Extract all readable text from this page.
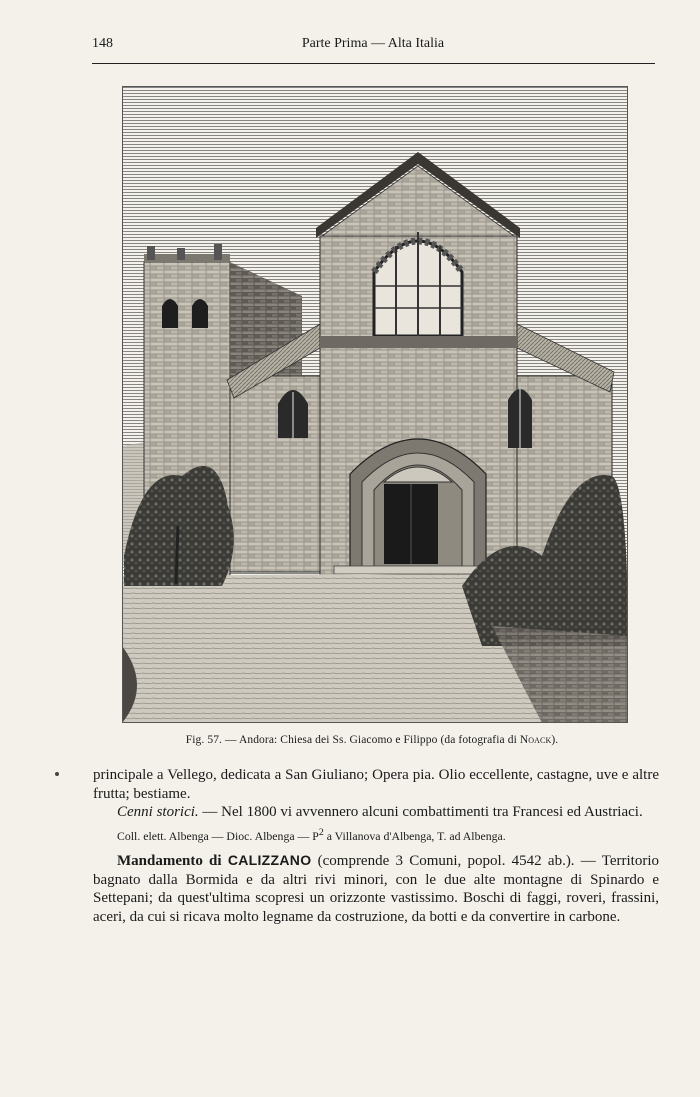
148	Parte Prima — Alta Italia
Fig. 57. — Andora: Chiesa dei Ss. Giacomo e Filippo (da fotografia di Noack).

principale a Vellego, dedicata a San Giuliano; Opera pia. Olio eccellente, castagne, uve e altre frutta; bestiame.

Cenni storici. — Nel 1800 vi avvennero alcuni combattimenti tra Francesi ed Austriaci.

Coll. elett. Albenga — Dioc. Albenga — $P^2$ a Villanova d'Albenga, T. ad Albenga.

Mandamento di CALIZZANO (comprende 3 Comuni, popol. 4542 ab.). — Territorio bagnato dalla Bormida e da altri rivi minori, con le due alte montagne di Spinardo e Settepani; da quest'ultima scopresi un orizzonte vastissimo. Boschi di faggi, roveri, frassini, aceri, da cui si ricava molto legname da costruzione, da botti e da convertire in carbone.
